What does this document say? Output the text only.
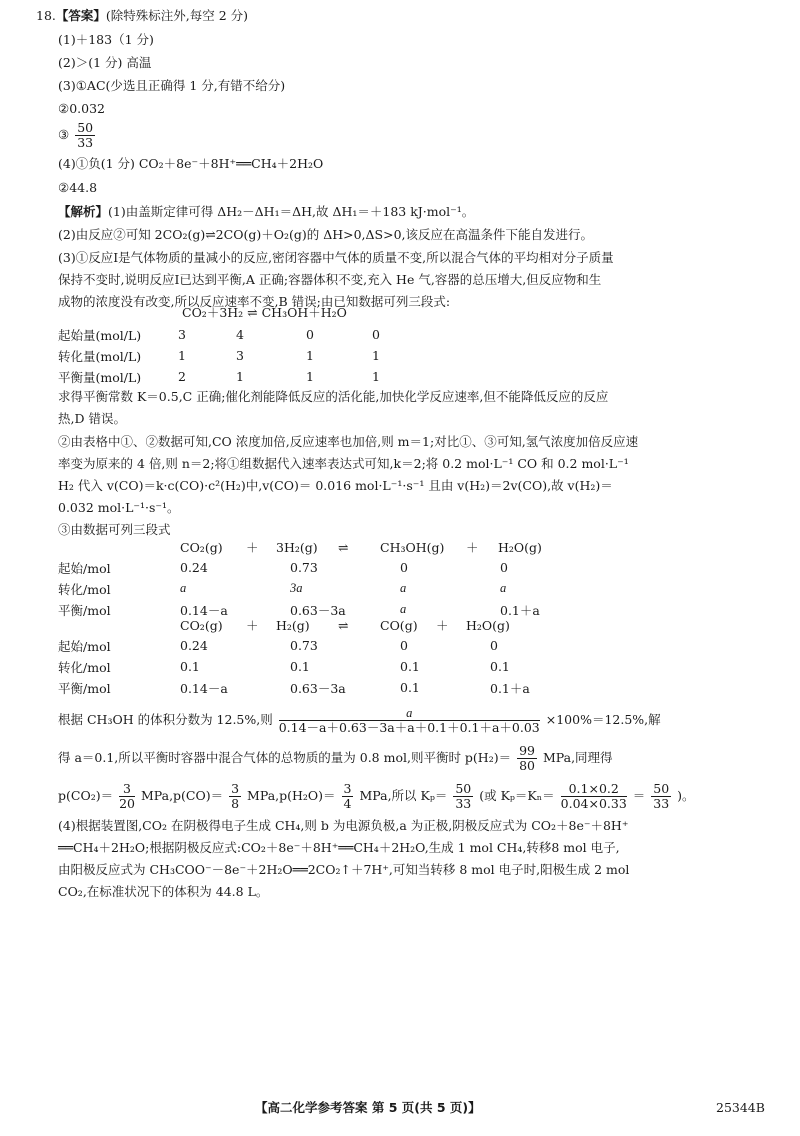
18.【答案】(除特殊标注外,每空 2 分)
(1)＋183（1 分)
(2)＞(1 分) 高温
(3)①AC(少选且正确得 1 分,有错不给分)
②0.032
③ $\frac{50}{33}$
(4)①负(1 分) CO₂＋8e⁻＋8H⁺══CH₄＋2H₂O
②44.8
【解析】(1)由盖斯定律可得 ΔH₂－ΔH₁＝ΔH,故 ΔH₁＝＋183 kJ·mol⁻¹。
(2)由反应②可知 2CO₂(g)⇌2CO(g)＋O₂(g)的 ΔH>0,ΔS>0,该反应在高温条件下能自发进行。
(3)①反应Ⅰ是气体物质的量减小的反应,密闭容器中气体的质量不变,所以混合气体的平均相对分子质量
保持不变时,说明反应Ⅰ已达到平衡,A 正确;容器体积不变,充入 He 气,容器的总压增大,但反应物和生
成物的浓度没有改变,所以反应速率不变,B 错误;由已知数据可列三段式:
CO₂＋3H₂ ⇌ CH₃OH＋H₂O
起始量(mol/L)	3	4	0	0
转化量(mol/L)	1	3	1	1
平衡量(mol/L)	2	1	1	1
求得平衡常数 K＝0.5,C 正确;催化剂能降低反应的活化能,加快化学反应速率,但不能降低反应的反应
热,D 错误。
②由表格中①、②数据可知,CO 浓度加倍,反应速率也加倍,则 m＝1;对比①、③可知,氢气浓度加倍反应速
率变为原来的 4 倍,则 n＝2;将①组数据代入速率表达式可知,k＝2;将 0.2 mol·L⁻¹ CO 和 0.2 mol·L⁻¹
H₂ 代入 v(CO)＝k·c(CO)·c²(H₂)中,v(CO)＝ 0.016 mol·L⁻¹·s⁻¹ 且由 v(H₂)＝2v(CO),故 v(H₂)＝
0.032 mol·L⁻¹·s⁻¹。
③由数据可列三段式
	CO₂(g) ＋ 3H₂(g) ⇌ CH₃OH(g) ＋ H₂O(g)			
起始/mol	0.24	0.73	0	0
转化/mol	a	3a	a	a
平衡/mol	0.14－a	0.63－3a	a	0.1＋a
	CO₂(g) ＋ H₂(g) ⇌ CO(g) ＋ H₂O(g)			
起始/mol	0.24	0.73	0	0
转化/mol	0.1	0.1	0.1	0.1
平衡/mol	0.14－a	0.63－3a	0.1	0.1＋a
根据 CH₃OH 的体积分数为 12.5%,则 $\frac{a}{0.14-a+0.63-3a+a+0.1+0.1+a+0.03} \times 100\%=12.5\%$,解
得 a＝0.1,所以平衡时容器中混合气体的总物质的量为 0.8 mol,则平衡时 $p(H_2)= \frac{99}{80}$ MPa,同理得
$p(CO_2)= \frac{3}{20} MPa,p(CO)= \frac{3}{8} MPa,p(H_2O)= \frac{3}{4}$ MPa,所以 $K_p= \frac{50}{33}$ (或 $K_p=K_n= \frac{0.1\times 0.2}{0.04\times 0.33} = \frac{50}{33}$ )。
(4)根据装置图,CO₂ 在阴极得电子生成 CH₄,则 b 为电源负极,a 为正极,阴极反应式为 CO₂＋8e⁻＋8H⁺
══CH₄＋2H₂O;根据阴极反应式:CO₂＋8e⁻＋8H⁺══CH₄＋2H₂O,生成 1 mol CH₄,转移8 mol 电子,
由阳极反应式为 CH₃COO⁻－8e⁻＋2H₂O══2CO₂↑＋7H⁺,可知当转移 8 mol 电子时,阳极生成 2 mol
CO₂,在标准状况下的体积为 44.8 L。
【高二化学参考答案 第 5 页(共 5 页)】	25344B
